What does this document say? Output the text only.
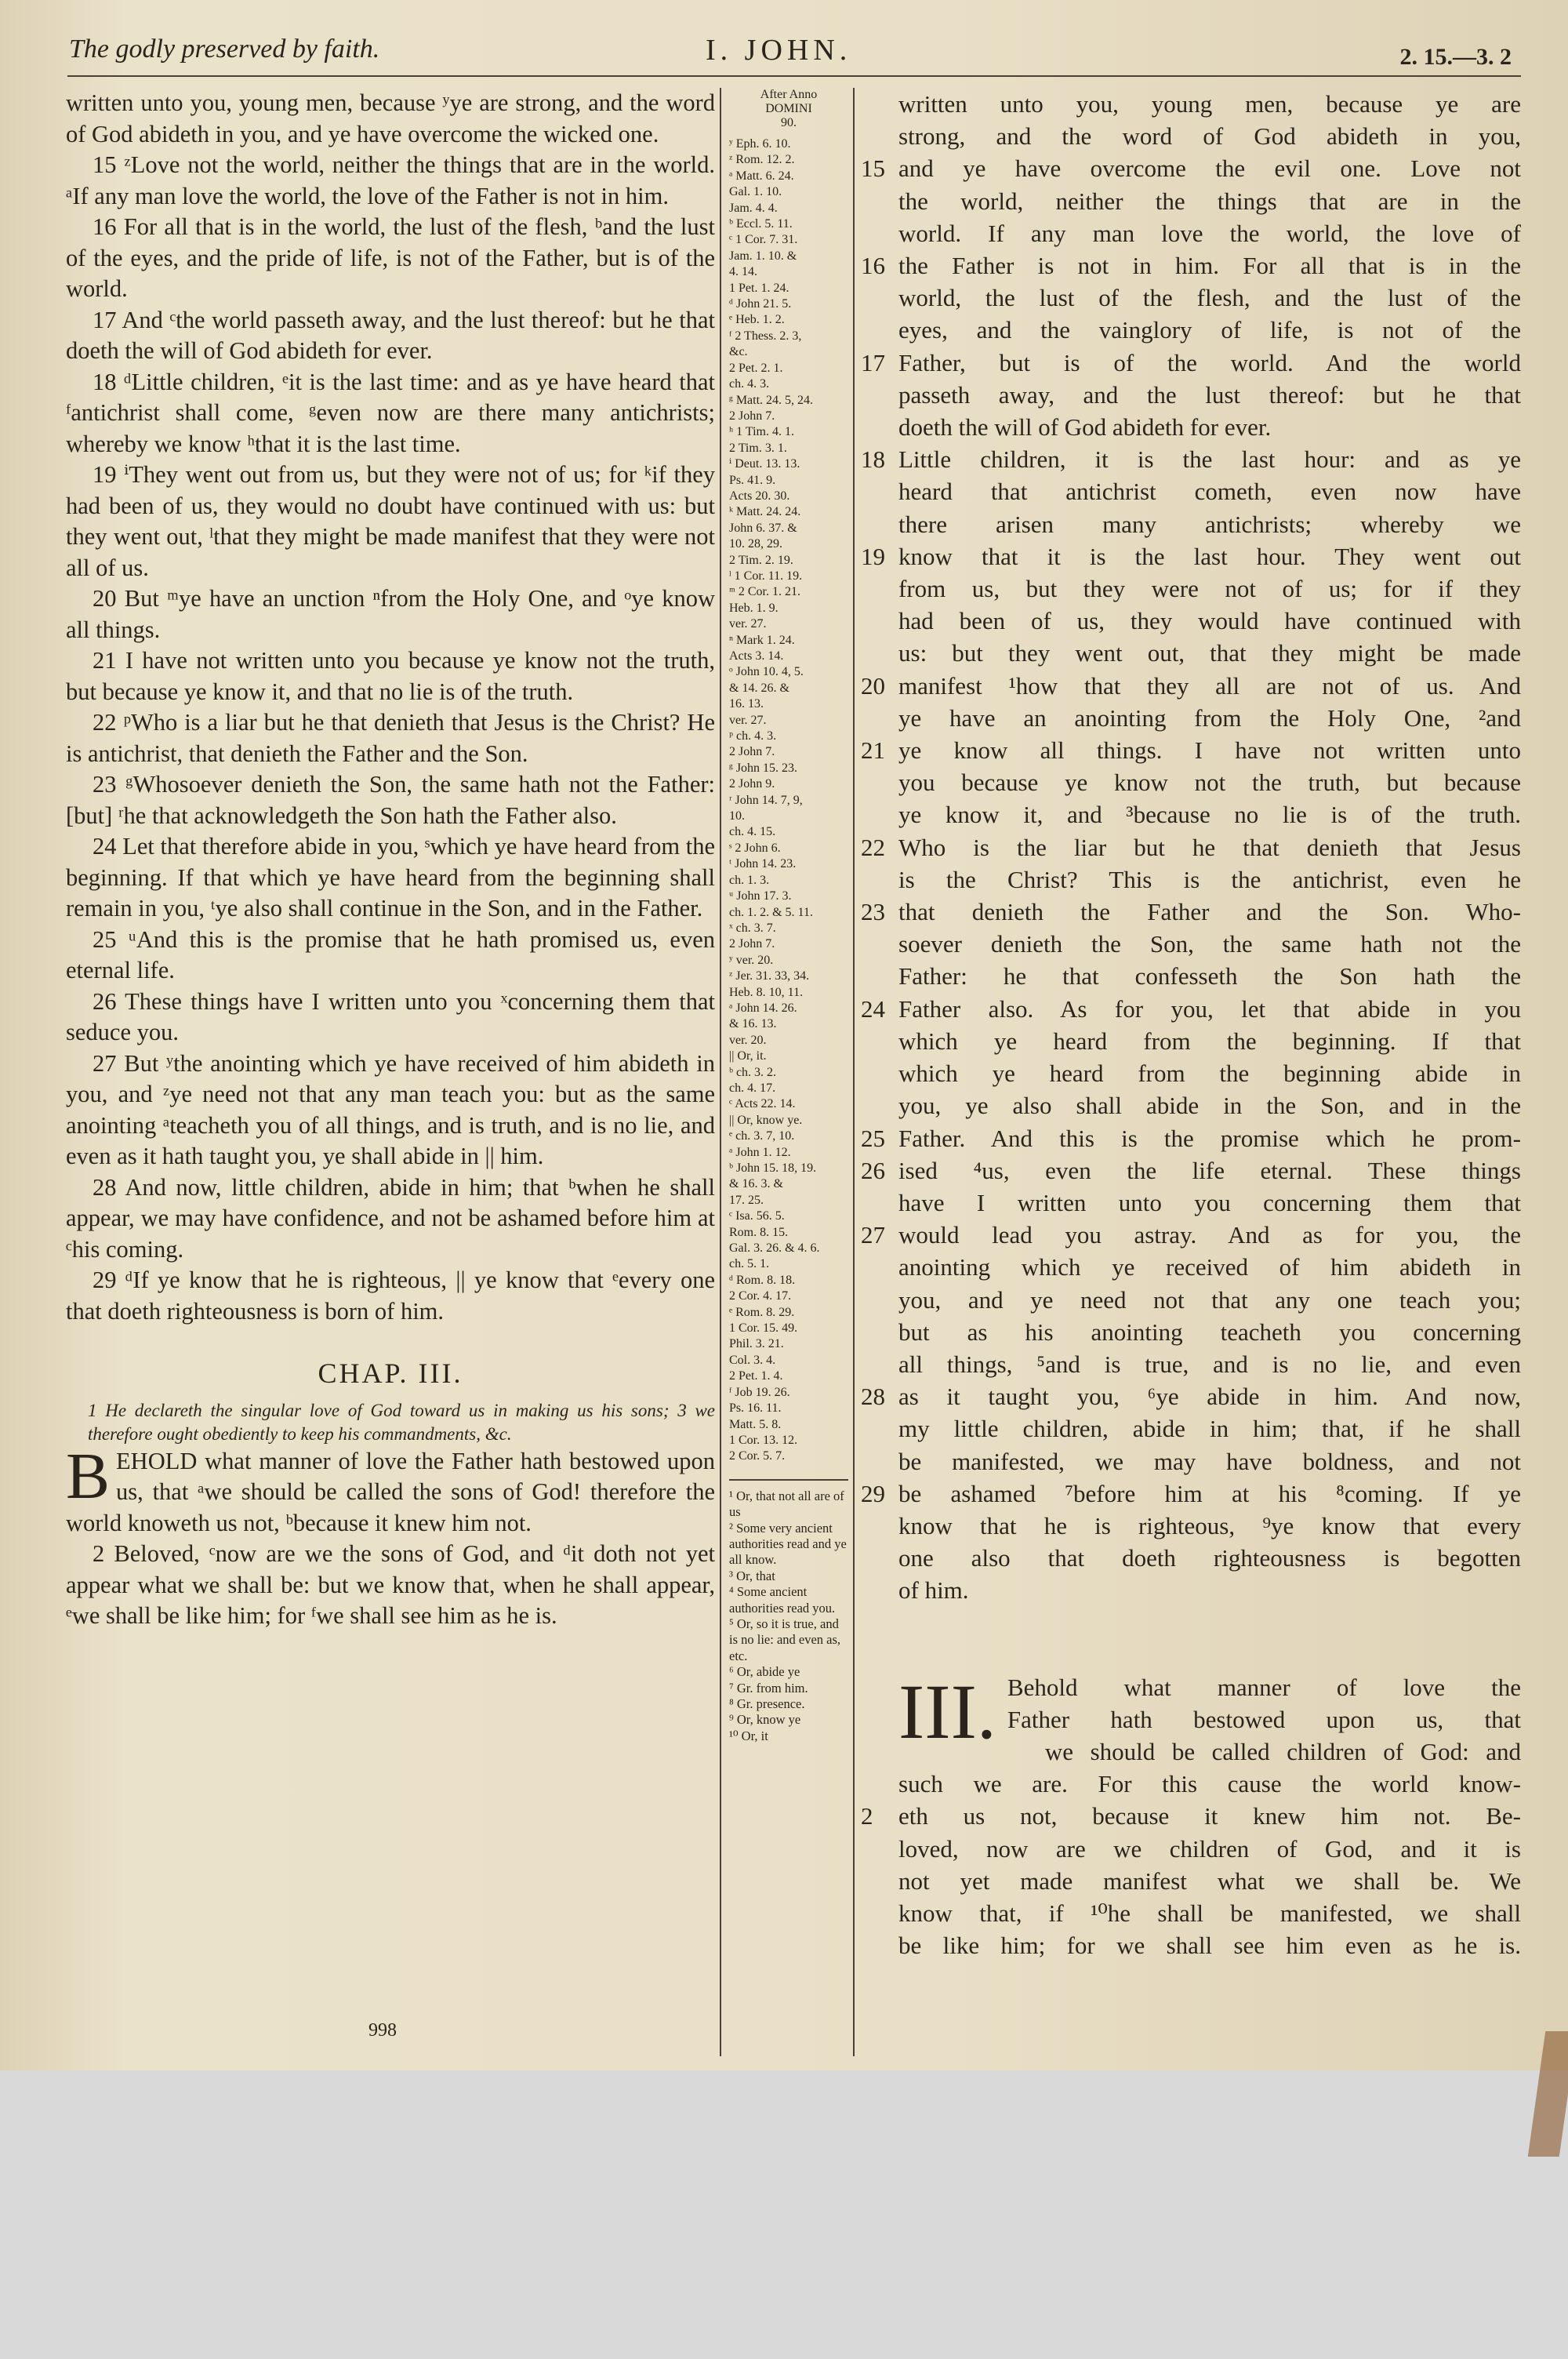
The godly preserved by faith.	I. JOHN.	2. 15.—3. 2

written unto you, young men, because ʸye are strong, and the word of God abideth in you, and ye have overcome the wicked one.

15 ᶻLove not the world, neither the things that are in the world. ᵃIf any man love the world, the love of the Father is not in him.

16 For all that is in the world, the lust of the flesh, ᵇand the lust of the eyes, and the pride of life, is not of the Father, but is of the world.

17 And ᶜthe world passeth away, and the lust thereof: but he that doeth the will of God abideth for ever.

18 ᵈLittle children, ᵉit is the last time: and as ye have heard that ᶠantichrist shall come, ᵍeven now are there many antichrists; whereby we know ʰthat it is the last time.

19 ⁱThey went out from us, but they were not of us; for ᵏif they had been of us, they would no doubt have continued with us: but they went out, ˡthat they might be made manifest that they were not all of us.

20 But ᵐye have an unction ⁿfrom the Holy One, and ᵒye know all things.

21 I have not written unto you because ye know not the truth, but because ye know it, and that no lie is of the truth.

22 ᵖWho is a liar but he that denieth that Jesus is the Christ? He is antichrist, that denieth the Father and the Son.

23 ᵍWhosoever denieth the Son, the same hath not the Father: [but] ʳhe that acknowledgeth the Son hath the Father also.

24 Let that therefore abide in you, ˢwhich ye have heard from the beginning. If that which ye have heard from the beginning shall remain in you, ᵗye also shall continue in the Son, and in the Father.

25 ᵘAnd this is the promise that he hath promised us, even eternal life.

26 These things have I written unto you ˣconcerning them that seduce you.

27 But ʸthe anointing which ye have received of him abideth in you, and ᶻye need not that any man teach you: but as the same anointing ᵃteacheth you of all things, and is truth, and is no lie, and even as it hath taught you, ye shall abide in || him.

28 And now, little children, abide in him; that ᵇwhen he shall appear, we may have confidence, and not be ashamed before him at ᶜhis coming.

29 ᵈIf ye know that he is righteous, || ye know that ᵉevery one that doeth righteousness is born of him.

CHAP. III.
1 He declareth the singular love of God toward us in making us his sons; 3 we therefore ought obediently to keep his commandments, &c.

BEHOLD what manner of love the Father hath bestowed upon us, that ᵃwe should be called the sons of God! therefore the world knoweth us not, ᵇbecause it knew him not.

2 Beloved, ᶜnow are we the sons of God, and ᵈit doth not yet appear what we shall be: but we know that, when he shall appear, ᵉwe shall be like him; for ᶠwe shall see him as he is.

998
After Anno
DOMINI
90.
ʸ Eph. 6. 10.
ᶻ Rom. 12. 2.
ᵃ Matt. 6. 24.
Gal. 1. 10.
Jam. 4. 4.
ᵇ Eccl. 5. 11.
ᶜ 1 Cor. 7. 31.
Jam. 1. 10. &
4. 14.
1 Pet. 1. 24.
ᵈ John 21. 5.
ᵉ Heb. 1. 2.
ᶠ 2 Thess. 2. 3,
&c.
2 Pet. 2. 1.
ch. 4. 3.
ᵍ Matt. 24. 5, 24.
2 John 7.
ʰ 1 Tim. 4. 1.
2 Tim. 3. 1.
ⁱ Deut. 13. 13.
Ps. 41. 9.
Acts 20. 30.
ᵏ Matt. 24. 24.
John 6. 37. &
10. 28, 29.
2 Tim. 2. 19.
ˡ 1 Cor. 11. 19.
ᵐ 2 Cor. 1. 21.
Heb. 1. 9.
ver. 27.
ⁿ Mark 1. 24.
Acts 3. 14.
ᵒ John 10. 4, 5.
& 14. 26. &
16. 13.
ver. 27.
ᵖ ch. 4. 3.
2 John 7.
ᵍ John 15. 23.
2 John 9.
ʳ John 14. 7, 9,
10.
ch. 4. 15.
ˢ 2 John 6.
ᵗ John 14. 23.
ch. 1. 3.
ᵘ John 17. 3.
ch. 1. 2. & 5. 11.
ˣ ch. 3. 7.
2 John 7.
ʸ ver. 20.
ᶻ Jer. 31. 33, 34.
Heb. 8. 10, 11.
ᵃ John 14. 26.
& 16. 13.
ver. 20.
|| Or, it.
ᵇ ch. 3. 2.
ch. 4. 17.
ᶜ Acts 22. 14.
|| Or, know ye.
ᵉ ch. 3. 7, 10.
ᵃ John 1. 12.
ᵇ John 15. 18, 19.
& 16. 3. &
17. 25.
ᶜ Isa. 56. 5.
Rom. 8. 15.
Gal. 3. 26. & 4. 6.
ch. 5. 1.
ᵈ Rom. 8. 18.
2 Cor. 4. 17.
ᵉ Rom. 8. 29.
1 Cor. 15. 49.
Phil. 3. 21.
Col. 3. 4.
2 Pet. 1. 4.
ᶠ Job 19. 26.
Ps. 16. 11.
Matt. 5. 8.
1 Cor. 13. 12.
2 Cor. 5. 7.
¹ Or, that not all are of us
² Some very ancient authorities read and ye all know.
³ Or, that
⁴ Some ancient authorities read you.
⁵ Or, so it is true, and is no lie: and even as, etc.
⁶ Or, abide ye
⁷ Gr. from him.
⁸ Gr. presence.
⁹ Or, know ye
¹⁰ Or, it
written unto you, young men, because ye are
strong, and the word of God abideth in you,
15 and ye have overcome the evil one. Love not
the world, neither the things that are in the
world. If any man love the world, the love of
16 the Father is not in him. For all that is in the
world, the lust of the flesh, and the lust of the
eyes, and the vainglory of life, is not of the
17 Father, but is of the world. And the world
passeth away, and the lust thereof: but he that
doeth the will of God abideth for ever.
18 Little children, it is the last hour: and as ye
heard that antichrist cometh, even now have
there arisen many antichrists; whereby we
19 know that it is the last hour. They went out
from us, but they were not of us; for if they
had been of us, they would have continued with
us: but they went out, that they might be made
20 manifest ¹how that they all are not of us. And
ye have an anointing from the Holy One, ²and
21 ye know all things. I have not written unto
you because ye know not the truth, but because
ye know it, and ³because no lie is of the truth.
22 Who is the liar but he that denieth that Jesus
is the Christ? This is the antichrist, even he
23 that denieth the Father and the Son. Who-
soever denieth the Son, the same hath not the
Father: he that confesseth the Son hath the
24 Father also. As for you, let that abide in you
which ye heard from the beginning. If that
which ye heard from the beginning abide in
you, ye also shall abide in the Son, and in the
25 Father. And this is the promise which he prom-
26 ised ⁴us, even the life eternal. These things
have I written unto you concerning them that
27 would lead you astray. And as for you, the
anointing which ye received of him abideth in
you, and ye need not that any one teach you;
but as his anointing teacheth you concerning
all things, ⁵and is true, and is no lie, and even
28 as it taught you, ⁶ye abide in him. And now,
my little children, abide in him; that, if he shall
be manifested, we may have boldness, and not
29 be ashamed ⁷before him at his ⁸coming. If ye
know that he is righteous, ⁹ye know that every
one also that doeth righteousness is begotten
of him.
III. Behold what manner of love the
Father hath bestowed upon us, that
we should be called children of God: and
such we are. For this cause the world know-
2	eth us not, because it knew him not. Be-
loved, now are we children of God, and it is
not yet made manifest what we shall be. We
know that, if ¹⁰he shall be manifested, we shall
be like him; for we shall see him even as he is.
